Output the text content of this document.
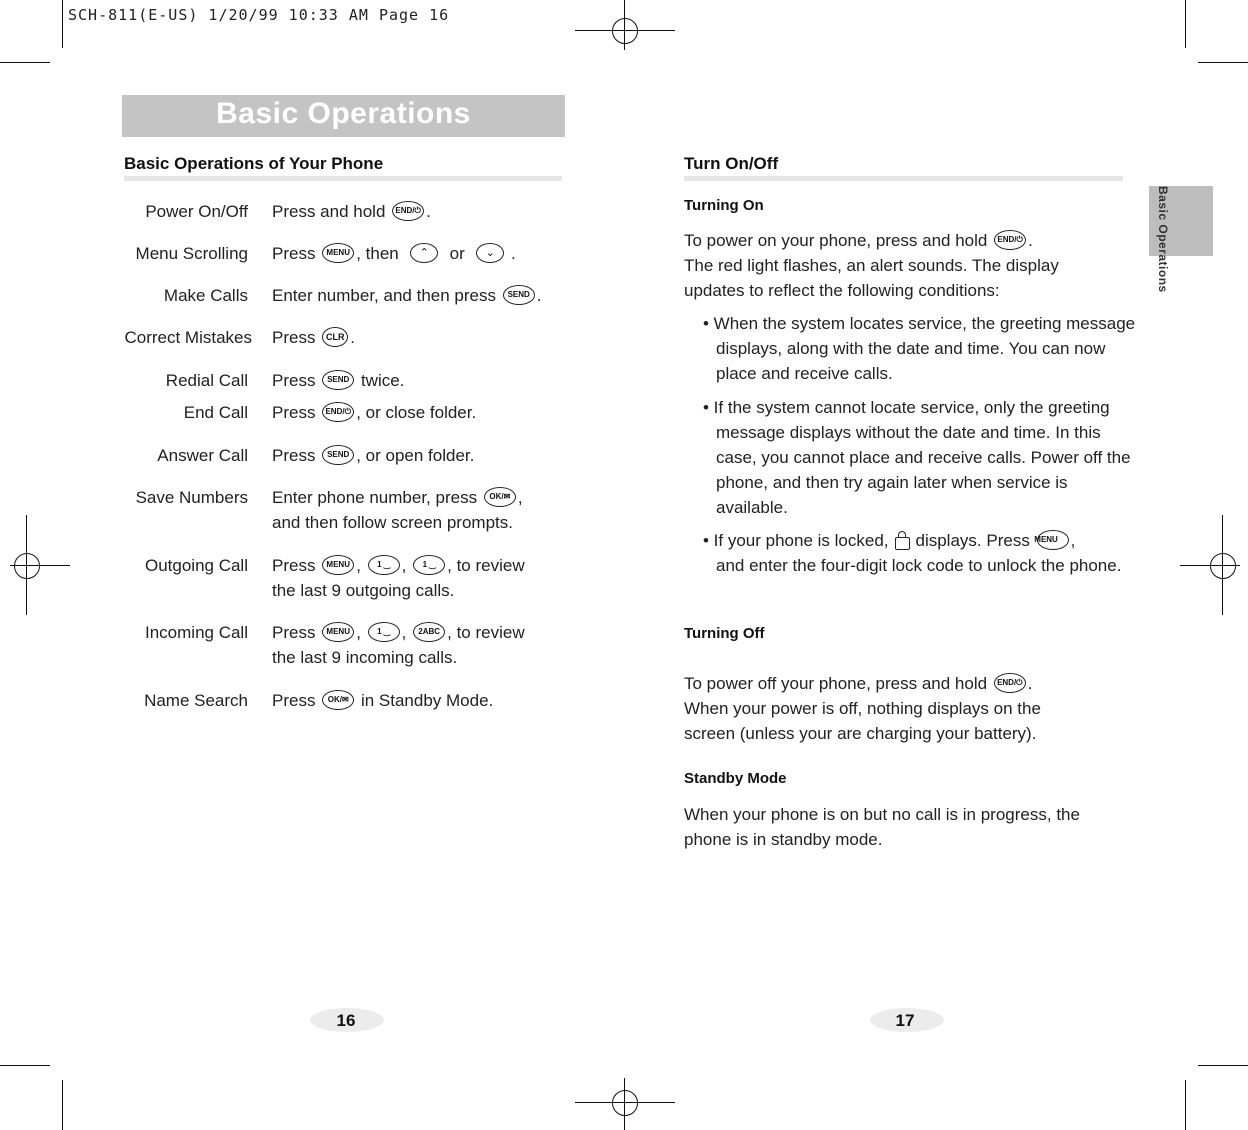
SCH-811(E-US) 1/20/99 10:33 AM Page 16
Basic Operations
Basic Operations of Your Phone
Power On/Off Press and hold END/⏻ .
Menu Scrolling Press MENU , then ⌃ or ⌄ .
Make Calls Enter number, and then press SEND .
Correct Mistakes Press CLR .
Redial Call Press SEND twice.
End Call Press END/⏻ , or close folder.
Answer Call Press SEND , or open folder.
Save Numbers Enter phone number, press OK/✉ ,
and then follow screen prompts.
Outgoing Call Press MENU , 1 ‿ , 1 ‿ , to review
the last 9 outgoing calls.
Incoming Call Press MENU , 1 ‿ , 2ABC , to review
the last 9 incoming calls.
Name Search Press OK/✉ in Standby Mode.
16
Turn On/Off
Turning On
To power on your phone, press and hold END/⏻ .
The red light flashes, an alert sounds. The display
updates to reflect the following conditions:
• When the system locates service, the greeting message displays, along with the date and time. You can now place and receive calls.
• If the system cannot locate service, only the greeting message displays without the date and time. In this case, you cannot place and receive calls. Power off the phone, and then try again later when service is available.
• If your phone is locked, displays. Press MENU ,
and enter the four-digit lock code to unlock the phone.
Turning Off
To power off your phone, press and hold END/⏻ .
When your power is off, nothing displays on the screen (unless your are charging your battery).
Standby Mode
When your phone is on but no call is in progress, the phone is in standby mode.
Basic Operations
17
